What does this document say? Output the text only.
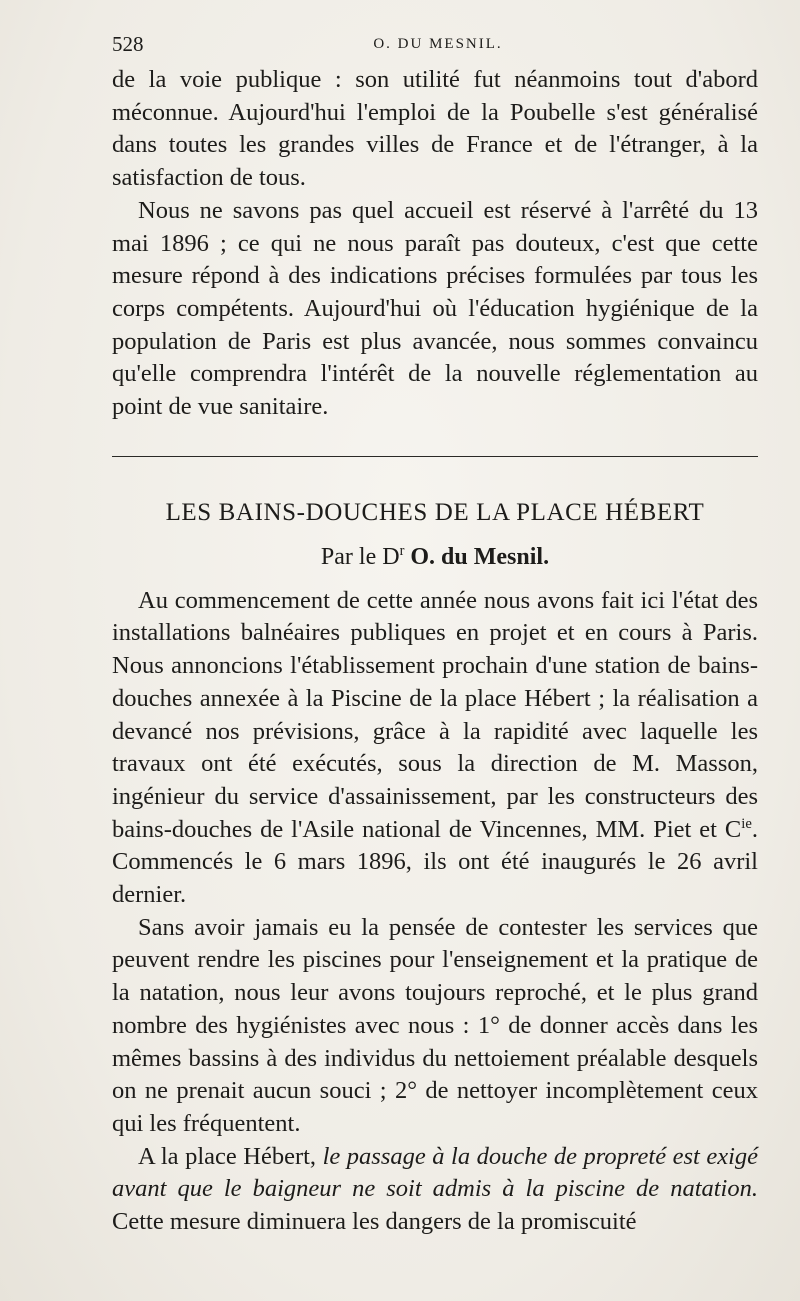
528	O. DU MESNIL.

de la voie publique : son utilité fut néanmoins tout d'abord méconnue. Aujourd'hui l'emploi de la Poubelle s'est généralisé dans toutes les grandes villes de France et de l'étranger, à la satisfaction de tous.

Nous ne savons pas quel accueil est réservé à l'arrêté du 13 mai 1896 ; ce qui ne nous paraît pas douteux, c'est que cette mesure répond à des indications précises formulées par tous les corps compétents. Aujourd'hui où l'éducation hygiénique de la population de Paris est plus avancée, nous sommes convaincu qu'elle comprendra l'intérêt de la nouvelle réglementation au point de vue sanitaire.

LES BAINS-DOUCHES DE LA PLACE HÉBERT
Par le $D^r$ O. du Mesnil.

Au commencement de cette année nous avons fait ici l'état des installations balnéaires publiques en projet et en cours à Paris. Nous annoncions l'établissement prochain d'une station de bains-douches annexée à la Piscine de la place Hébert ; la réalisation a devancé nos prévisions, grâce à la rapidité avec laquelle les travaux ont été exécutés, sous la direction de M. Masson, ingénieur du service d'assainissement, par les constructeurs des bains-douches de l'Asile national de Vincennes, MM. Piet et $C^{ie}$. Commencés le 6 mars 1896, ils ont été inaugurés le 26 avril dernier.

Sans avoir jamais eu la pensée de contester les services que peuvent rendre les piscines pour l'enseignement et la pratique de la natation, nous leur avons toujours reproché, et le plus grand nombre des hygiénistes avec nous : 1° de donner accès dans les mêmes bassins à des individus du nettoiement préalable desquels on ne prenait aucun souci ; 2° de nettoyer incomplètement ceux qui les fréquentent.

A la place Hébert, le passage à la douche de propreté est exigé avant que le baigneur ne soit admis à la piscine de natation. Cette mesure diminuera les dangers de la promiscuité
